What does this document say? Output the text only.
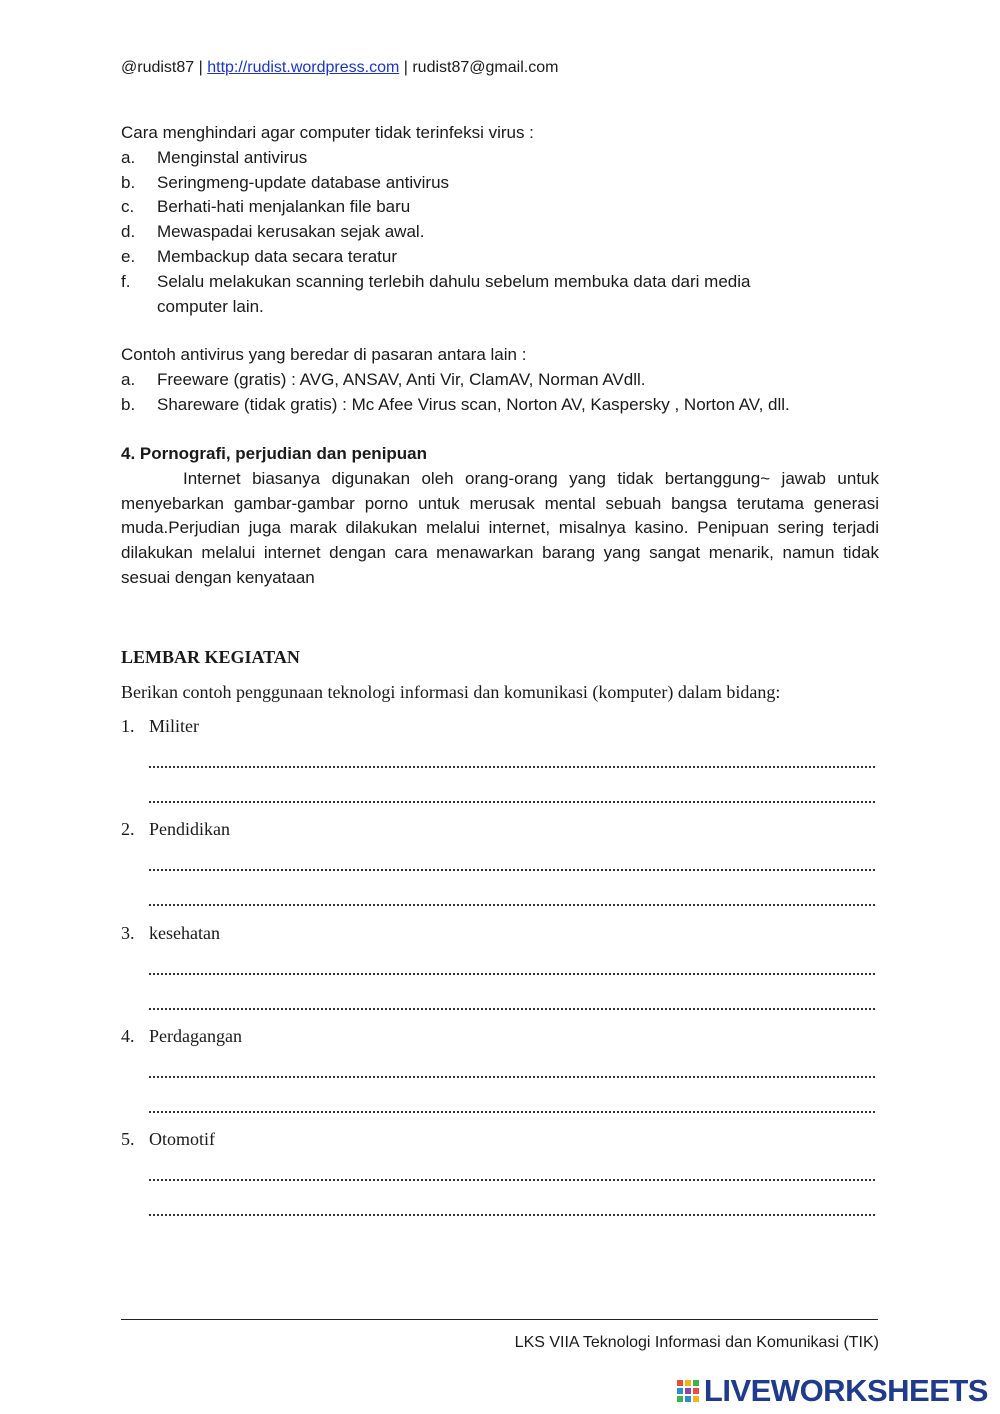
@rudist87 | http://rudist.wordpress.com | rudist87@gmail.com
Cara menghindari agar computer tidak terinfeksi virus :
a. Menginstal antivirus
b. Seringmeng-update database antivirus
c. Berhati-hati menjalankan file baru
d. Mewaspadai kerusakan sejak awal.
e. Membackup data secara teratur
f. Selalu melakukan scanning terlebih dahulu sebelum membuka data dari media
computer lain.
Contoh antivirus yang beredar di pasaran antara lain :
a. Freeware (gratis) : AVG, ANSAV, Anti Vir, ClamAV, Norman AVdll.
b. Shareware (tidak gratis) : Mc Afee Virus scan, Norton AV, Kaspersky , Norton AV, dll.
4. Pornografi, perjudian dan penipuan
Internet biasanya digunakan oleh orang-orang yang tidak bertanggung~ jawab untuk menyebarkan gambar-gambar porno untuk merusak mental sebuah bangsa terutama generasi muda.Perjudian juga marak dilakukan melalui internet, misalnya kasino. Penipuan sering terjadi dilakukan melalui internet dengan cara menawarkan barang yang sangat menarik, namun tidak sesuai dengan kenyataan
LEMBAR KEGIATAN
Berikan contoh penggunaan teknologi informasi dan komunikasi (komputer) dalam bidang:
1. Militer
2. Pendidikan
3. kesehatan
4. Perdagangan
5. Otomotif
LKS VIIA Teknologi Informasi dan Komunikasi (TIK)
LIVEWORKSHEETS
